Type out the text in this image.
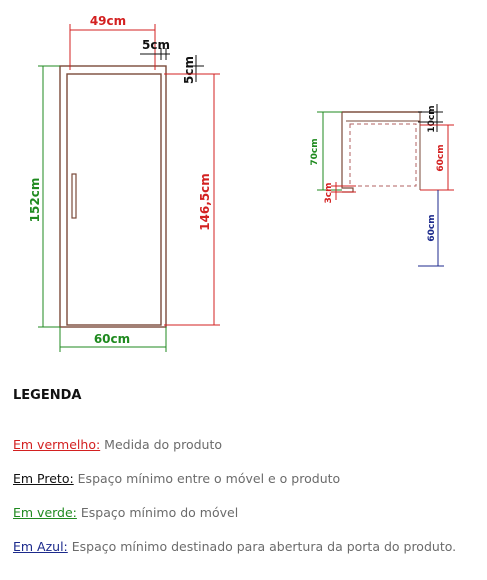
49cm
5cm
5cm
152cm	146,5cm
60cm
70cm
3cm
10cm
60cm
60cm
LEGENDA
Em vermelho: Medida do produto
Em Preto: Espaço mínimo entre o móvel e o produto
Em verde: Espaço mínimo do móvel
Em Azul: Espaço mínimo destinado para abertura da porta do produto.
